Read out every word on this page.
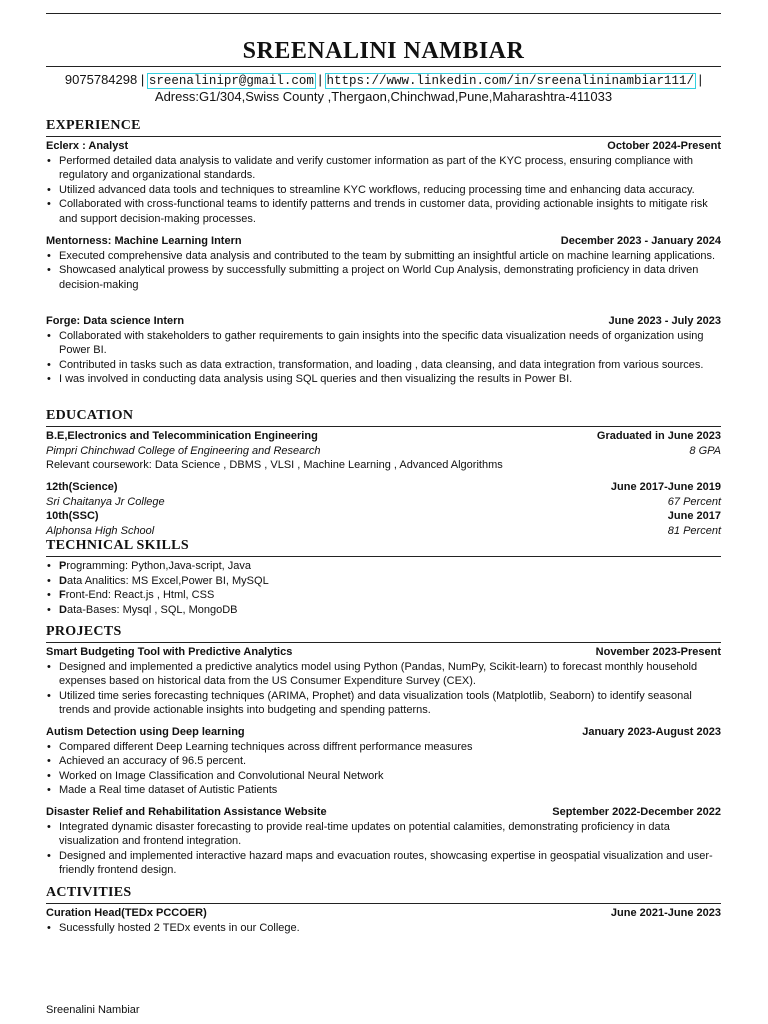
SREENALINI NAMBIAR
9075784298 | sreenalinipr@gmail.com | https://www.linkedin.com/in/sreenalininambiar111/ |
Adress:G1/304,Swiss County ,Thergaon,Chinchwad,Pune,Maharashtra-411033
EXPERIENCE
Eclerx : Analyst	October 2024-Present
• Performed detailed data analysis to validate and verify customer information as part of the KYC process, ensuring compliance with regulatory and organizational standards.
• Utilized advanced data tools and techniques to streamline KYC workflows, reducing processing time and enhancing data accuracy.
• Collaborated with cross-functional teams to identify patterns and trends in customer data, providing actionable insights to mitigate risk and support decision-making processes.
Mentorness: Machine Learning Intern	December 2023 - January 2024
• Executed comprehensive data analysis and contributed to the team by submitting an insightful article on machine learning applications.
• Showcased analytical prowess by successfully submitting a project on World Cup Analysis, demonstrating proficiency in data driven decision-making
Forge: Data science Intern	June 2023 - July 2023
• Collaborated with stakeholders to gather requirements to gain insights into the specific data visualization needs of organization using Power BI.
• Contributed in tasks such as data extraction, transformation, and loading , data cleansing, and data integration from various sources.
• I was involved in conducting data analysis using SQL queries and then visualizing the results in Power BI.
EDUCATION
B.E,Electronics and Telecomminication Engineering	Graduated in June 2023
Pimpri Chinchwad College of Engineering and Research	8 GPA
Relevant coursework: Data Science , DBMS , VLSI , Machine Learning , Advanced Algorithms
12th(Science)	June 2017-June 2019
Sri Chaitanya Jr College	67 Percent
10th(SSC)	June 2017
Alphonsa High School	81 Percent
TECHNICAL SKILLS
• Programming: Python,Java-script, Java
• Data Analitics: MS Excel,Power BI, MySQL
• Front-End: React.js , Html, CSS
• Data-Bases: Mysql , SQL, MongoDB
PROJECTS
Smart Budgeting Tool with Predictive Analytics	November 2023-Present
• Designed and implemented a predictive analytics model using Python (Pandas, NumPy, Scikit-learn) to forecast monthly household expenses based on historical data from the US Consumer Expenditure Survey (CEX).
• Utilized time series forecasting techniques (ARIMA, Prophet) and data visualization tools (Matplotlib, Seaborn) to identify seasonal trends and provide actionable insights into budgeting and spending patterns.
Autism Detection using Deep learning	January 2023-August 2023
• Compared different Deep Learning techniques across diffrent performance measures
• Achieved an accuracy of 96.5 percent.
• Worked on Image Classification and Convolutional Neural Network
• Made a Real time dataset of Autistic Patients
Disaster Relief and Rehabilitation Assistance Website	September 2022-December 2022
• Integrated dynamic disaster forecasting to provide real-time updates on potential calamities, demonstrating proficiency in data visualization and frontend integration.
• Designed and implemented interactive hazard maps and evacuation routes, showcasing expertise in geospatial visualization and user-friendly frontend design.
ACTIVITIES
Curation Head(TEDx PCCOER)	June 2021-June 2023
• Sucessfully hosted 2 TEDx events in our College.
Sreenalini Nambiar
